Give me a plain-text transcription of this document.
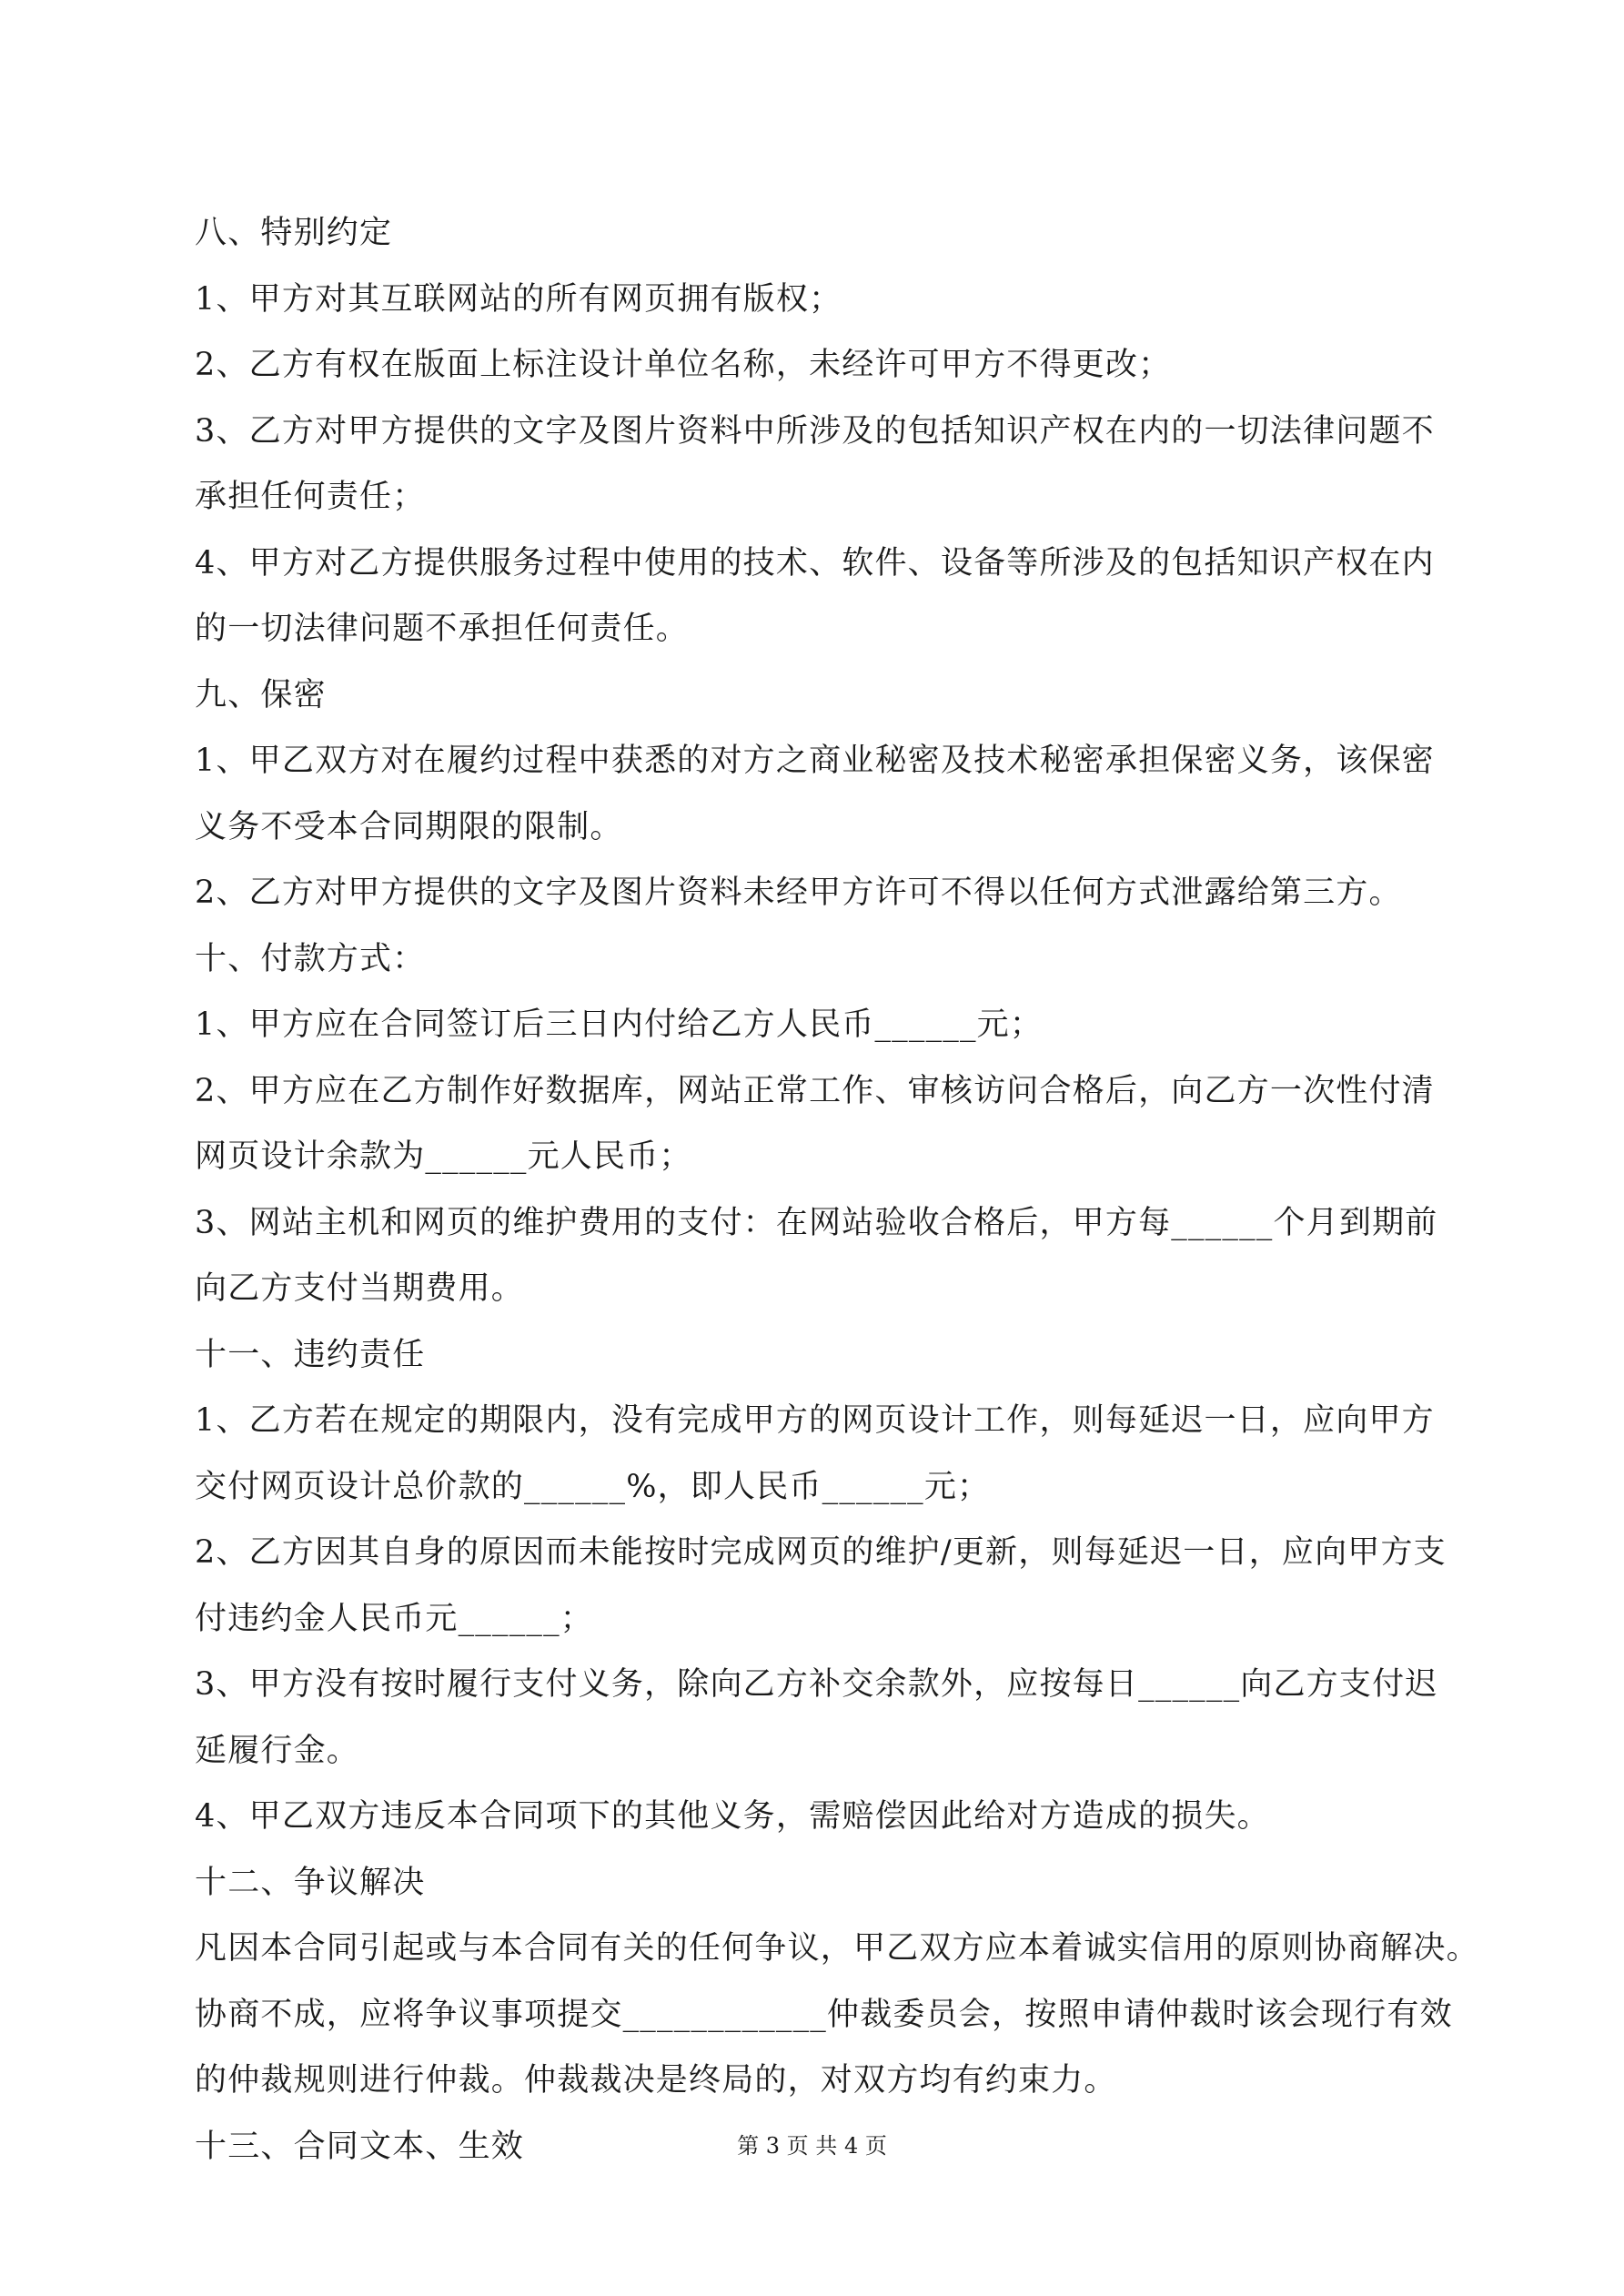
八、特别约定
1、甲方对其互联网站的所有网页拥有版权；
2、乙方有权在版面上标注设计单位名称，未经许可甲方不得更改；
3、乙方对甲方提供的文字及图片资料中所涉及的包括知识产权在内的一切法律问题不
承担任何责任；
4、甲方对乙方提供服务过程中使用的技术、软件、设备等所涉及的包括知识产权在内
的一切法律问题不承担任何责任。
九、保密
1、甲乙双方对在履约过程中获悉的对方之商业秘密及技术秘密承担保密义务，该保密
义务不受本合同期限的限制。
2、乙方对甲方提供的文字及图片资料未经甲方许可不得以任何方式泄露给第三方。
十、付款方式：
1、甲方应在合同签订后三日内付给乙方人民币______元；
2、甲方应在乙方制作好数据库，网站正常工作、审核访问合格后，向乙方一次性付清
网页设计余款为______元人民币；
3、网站主机和网页的维护费用的支付：在网站验收合格后，甲方每______个月到期前
向乙方支付当期费用。
十一、违约责任
1、乙方若在规定的期限内，没有完成甲方的网页设计工作，则每延迟一日，应向甲方
交付网页设计总价款的______%，即人民币______元；
2、乙方因其自身的原因而未能按时完成网页的维护/更新，则每延迟一日，应向甲方支
付违约金人民币元______；
3、甲方没有按时履行支付义务，除向乙方补交余款外，应按每日______向乙方支付迟
延履行金。
4、甲乙双方违反本合同项下的其他义务，需赔偿因此给对方造成的损失。
十二、争议解决
凡因本合同引起或与本合同有关的任何争议，甲乙双方应本着诚实信用的原则协商解决。
协商不成，应将争议事项提交____________仲裁委员会，按照申请仲裁时该会现行有效
的仲裁规则进行仲裁。仲裁裁决是终局的，对双方均有约束力。
十三、合同文本、生效	第 3 页 共 4 页
